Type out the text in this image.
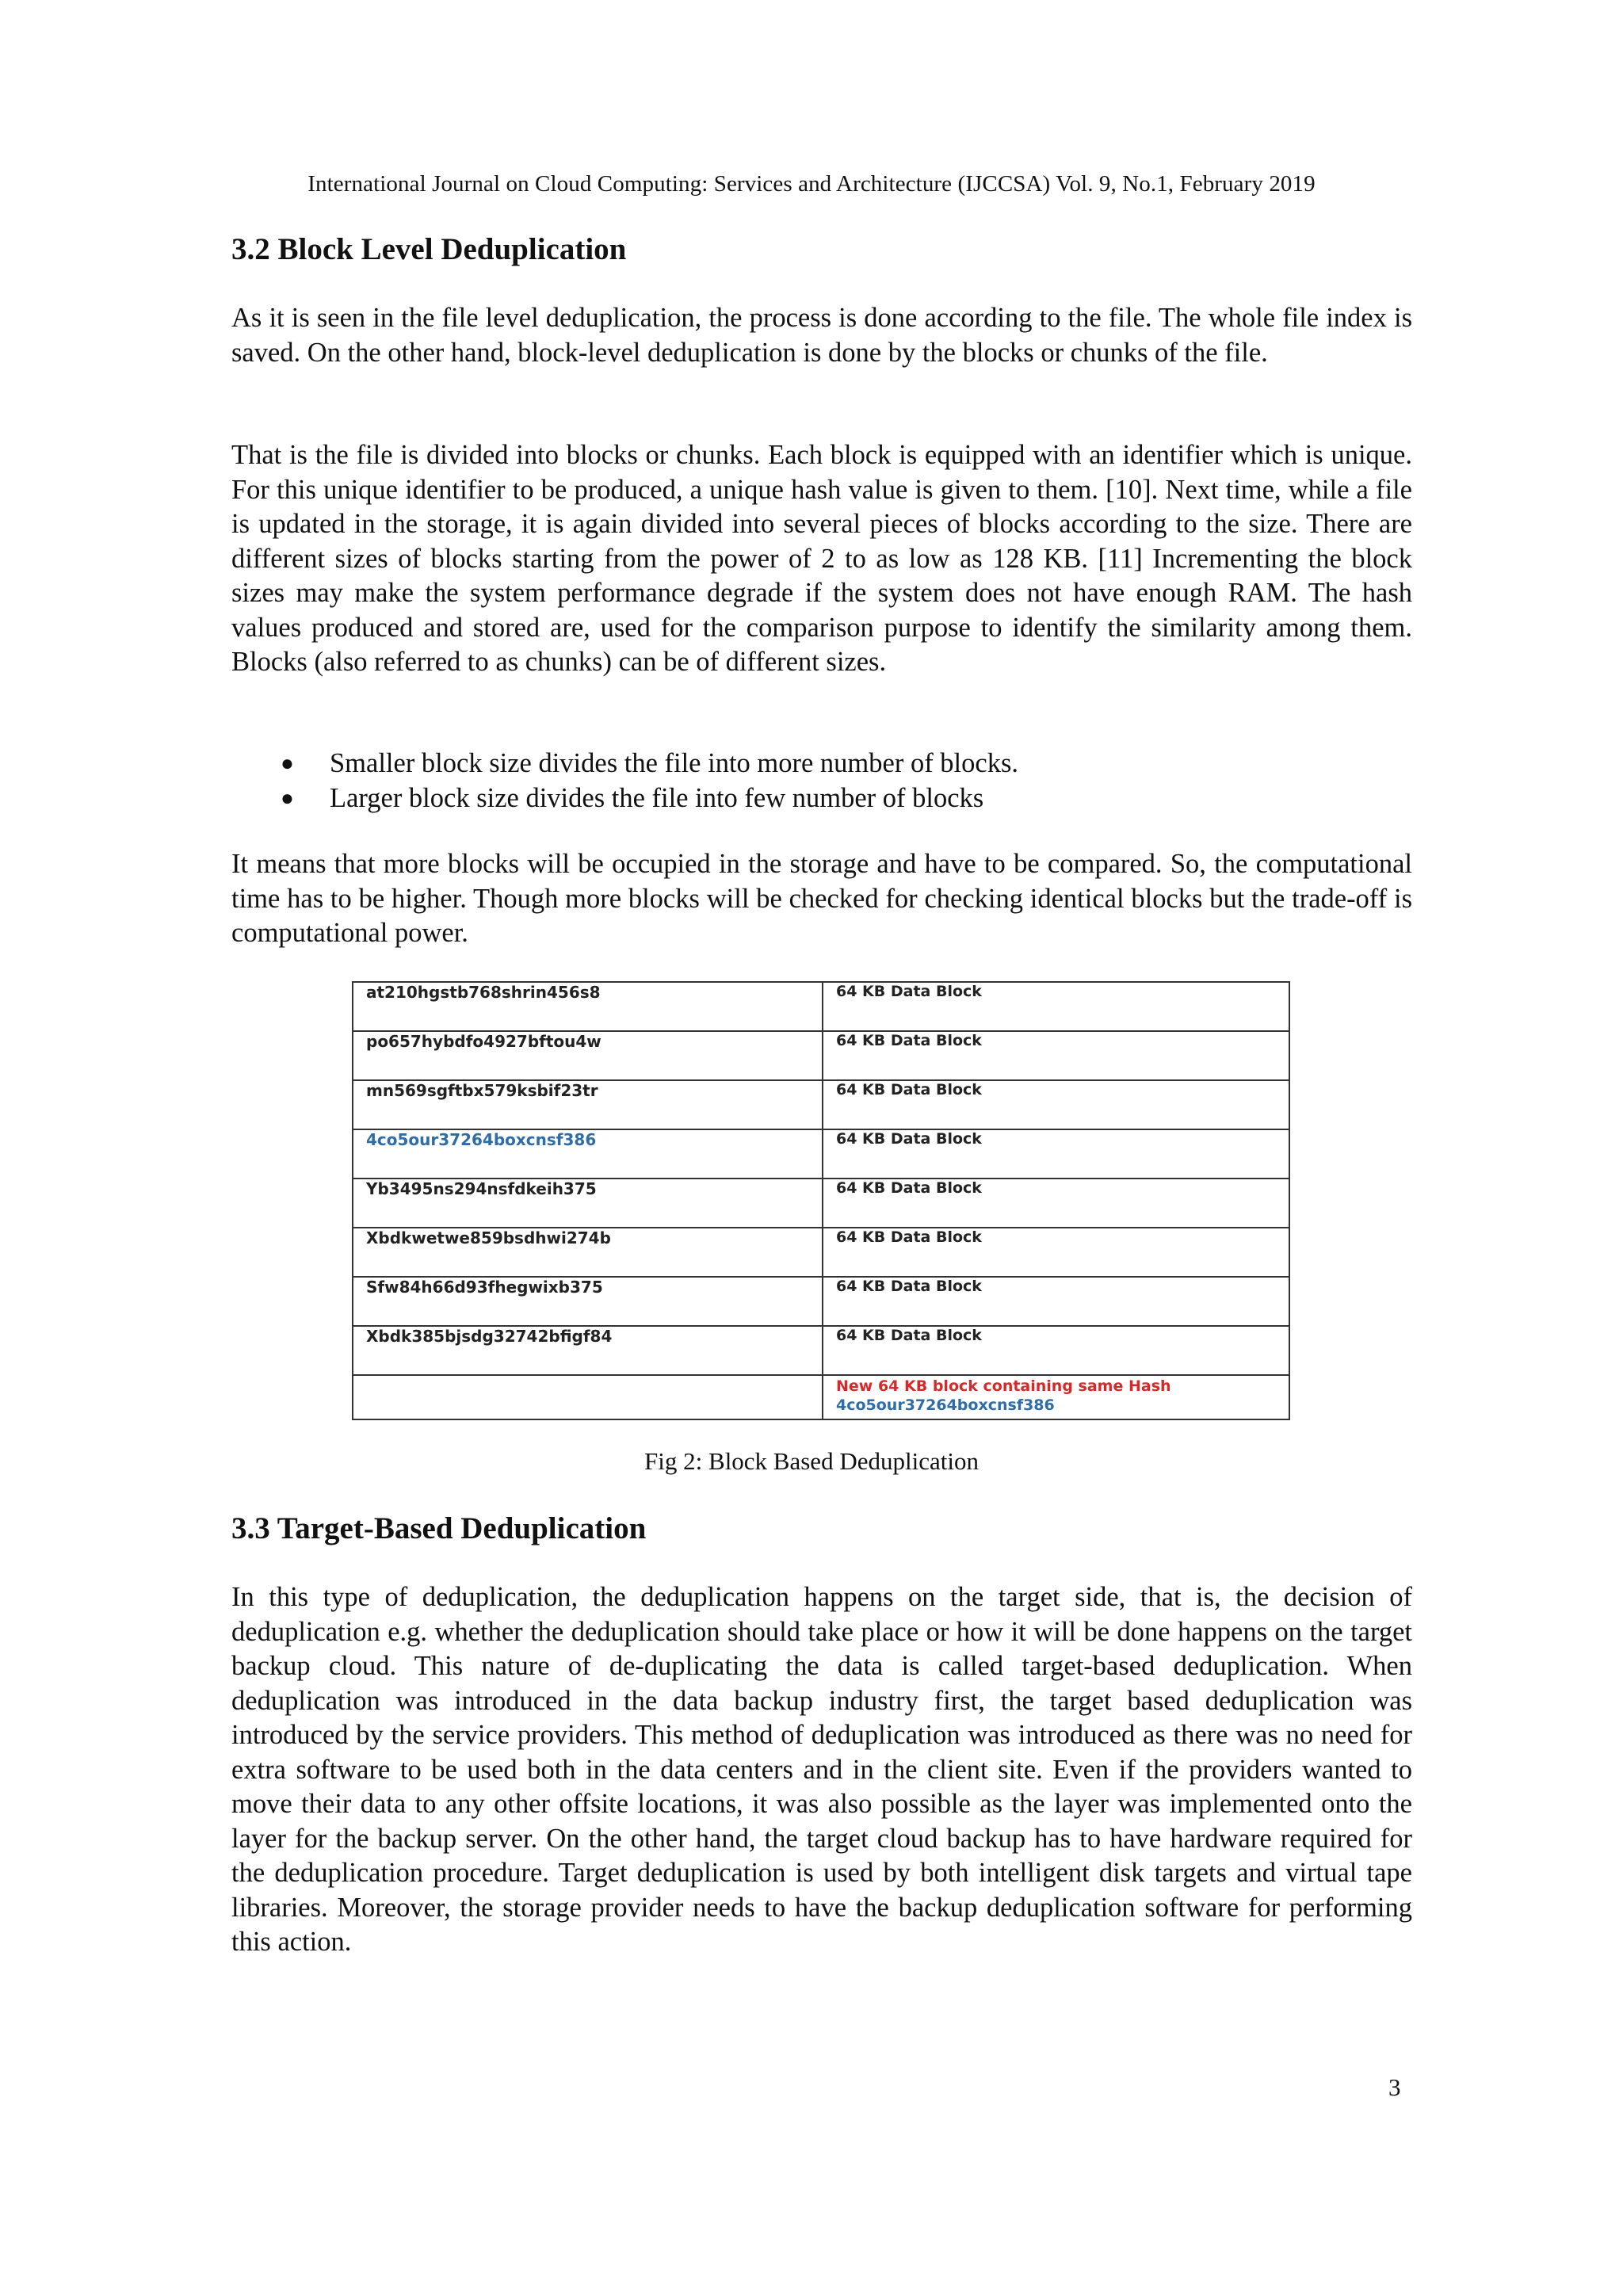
International Journal on Cloud Computing: Services and Architecture (IJCCSA) Vol. 9, No.1, February 2019
3.2 Block Level Deduplication

As it is seen in the file level deduplication, the process is done according to the file. The whole file index is saved. On the other hand, block-level deduplication is done by the blocks or chunks of the file.

That is the file is divided into blocks or chunks. Each block is equipped with an identifier which is unique. For this unique identifier to be produced, a unique hash value is given to them. [10]. Next time, while a file is updated in the storage, it is again divided into several pieces of blocks according to the size. There are different sizes of blocks starting from the power of 2 to as low as 128 KB. [11] Incrementing the block sizes may make the system performance degrade if the system does not have enough RAM. The hash values produced and stored are, used for the comparison purpose to identify the similarity among them. Blocks (also referred to as chunks) can be of different sizes.

● Smaller block size divides the file into more number of blocks.
● Larger block size divides the file into few number of blocks

It means that more blocks will be occupied in the storage and have to be compared. So, the computational time has to be higher. Though more blocks will be checked for checking identical blocks but the trade-off is computational power.

at210hgstb768shrin456s8	64 KB Data Block
po657hybdfo4927bftou4w	64 KB Data Block
mn569sgftbx579ksbif23tr	64 KB Data Block
4co5our37264boxcnsf386	64 KB Data Block
Yb3495ns294nsfdkeih375	64 KB Data Block
Xbdkwetwe859bsdhwi274b	64 KB Data Block
Sfw84h66d93fhegwixb375	64 KB Data Block
Xbdk385bjsdg32742bfigf84	64 KB Data Block

	New 64 KB block containing same Hash
4co5our37264boxcnsf386
Fig 2: Block Based Deduplication
3.3 Target-Based Deduplication

In this type of deduplication, the deduplication happens on the target side, that is, the decision of deduplication e.g. whether the deduplication should take place or how it will be done happens on the target backup cloud. This nature of de-duplicating the data is called target-based deduplication. When deduplication was introduced in the data backup industry first, the target based deduplication was introduced by the service providers. This method of deduplication was introduced as there was no need for extra software to be used both in the data centers and in the client site. Even if the providers wanted to move their data to any other offsite locations, it was also possible as the layer was implemented onto the layer for the backup server. On the other hand, the target cloud backup has to have hardware required for the deduplication procedure. Target deduplication is used by both intelligent disk targets and virtual tape libraries. Moreover, the storage provider needs to have the backup deduplication software for performing this action.

3
